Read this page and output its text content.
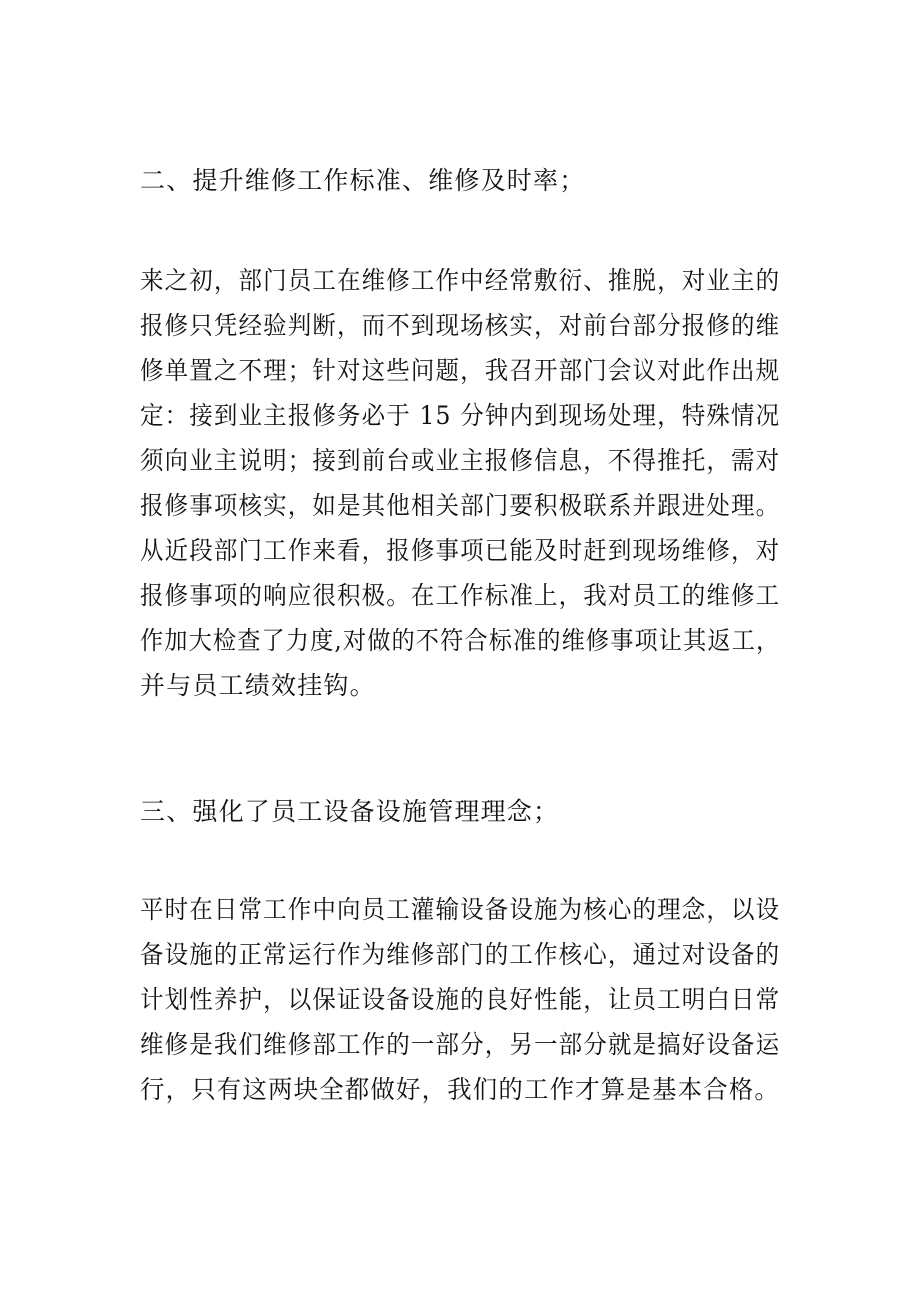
二、提升维修工作标准、维修及时率；
来之初，部门员工在维修工作中经常敷衍、推脱，对业主的
报修只凭经验判断，而不到现场核实，对前台部分报修的维
修单置之不理；针对这些问题，我召开部门会议对此作出规
定：接到业主报修务必于 15 分钟内到现场处理，特殊情况
须向业主说明；接到前台或业主报修信息，不得推托，需对
报修事项核实，如是其他相关部门要积极联系并跟进处理。
从近段部门工作来看，报修事项已能及时赶到现场维修，对
报修事项的响应很积极。在工作标准上，我对员工的维修工
作加大检查了力度,对做的不符合标准的维修事项让其返工，
并与员工绩效挂钩。
三、强化了员工设备设施管理理念；
平时在日常工作中向员工灌输设备设施为核心的理念，以设
备设施的正常运行作为维修部门的工作核心，通过对设备的
计划性养护，以保证设备设施的良好性能，让员工明白日常
维修是我们维修部工作的一部分，另一部分就是搞好设备运
行，只有这两块全都做好，我们的工作才算是基本合格。
